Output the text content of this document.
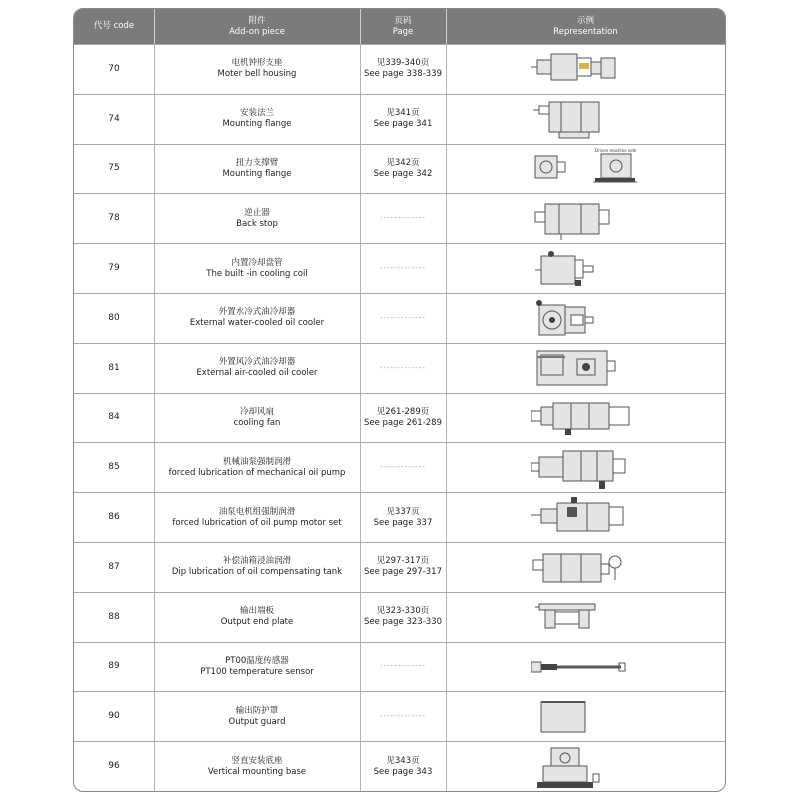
代号 code
附件
Add-on piece
页码
Page
示例
Representation
70
电机钟形支座
Moter bell housing
见339-340页
See page 338-339
74
安装法兰
Mounting flange
见341页
See page 341
75
扭力支撑臂
Mounting flange
见342页
See page 342
Driven machine side
78
逆止器
Back stop
-------------
79
内置冷却盘管
The built -in cooling coil
-------------
80
外置水冷式油冷却器
External water-cooled oil cooler
-------------
81
外置风冷式油冷却器
External air-cooled oil cooler
-------------
84
冷却风扇
cooling fan
见261-289页
See page 261-289
85
机械油泵强制润滑
forced lubrication of mechanical oil pump
-------------
86
油泵电机组强制润滑
forced lubrication of oil pump motor set
见337页
See page 337
87
补偿油箱浸油润滑
Dip lubrication of oil compensating tank
见297-317页
See page 297-317
88
输出端板
Output end plate
见323-330页
See page 323-330
89
PT00温度传感器
PT100 temperature sensor
-------------
90
输出防护罩
Output guard
-------------
96
竖直安装底座
Vertical mounting base
见343页
See page 343
